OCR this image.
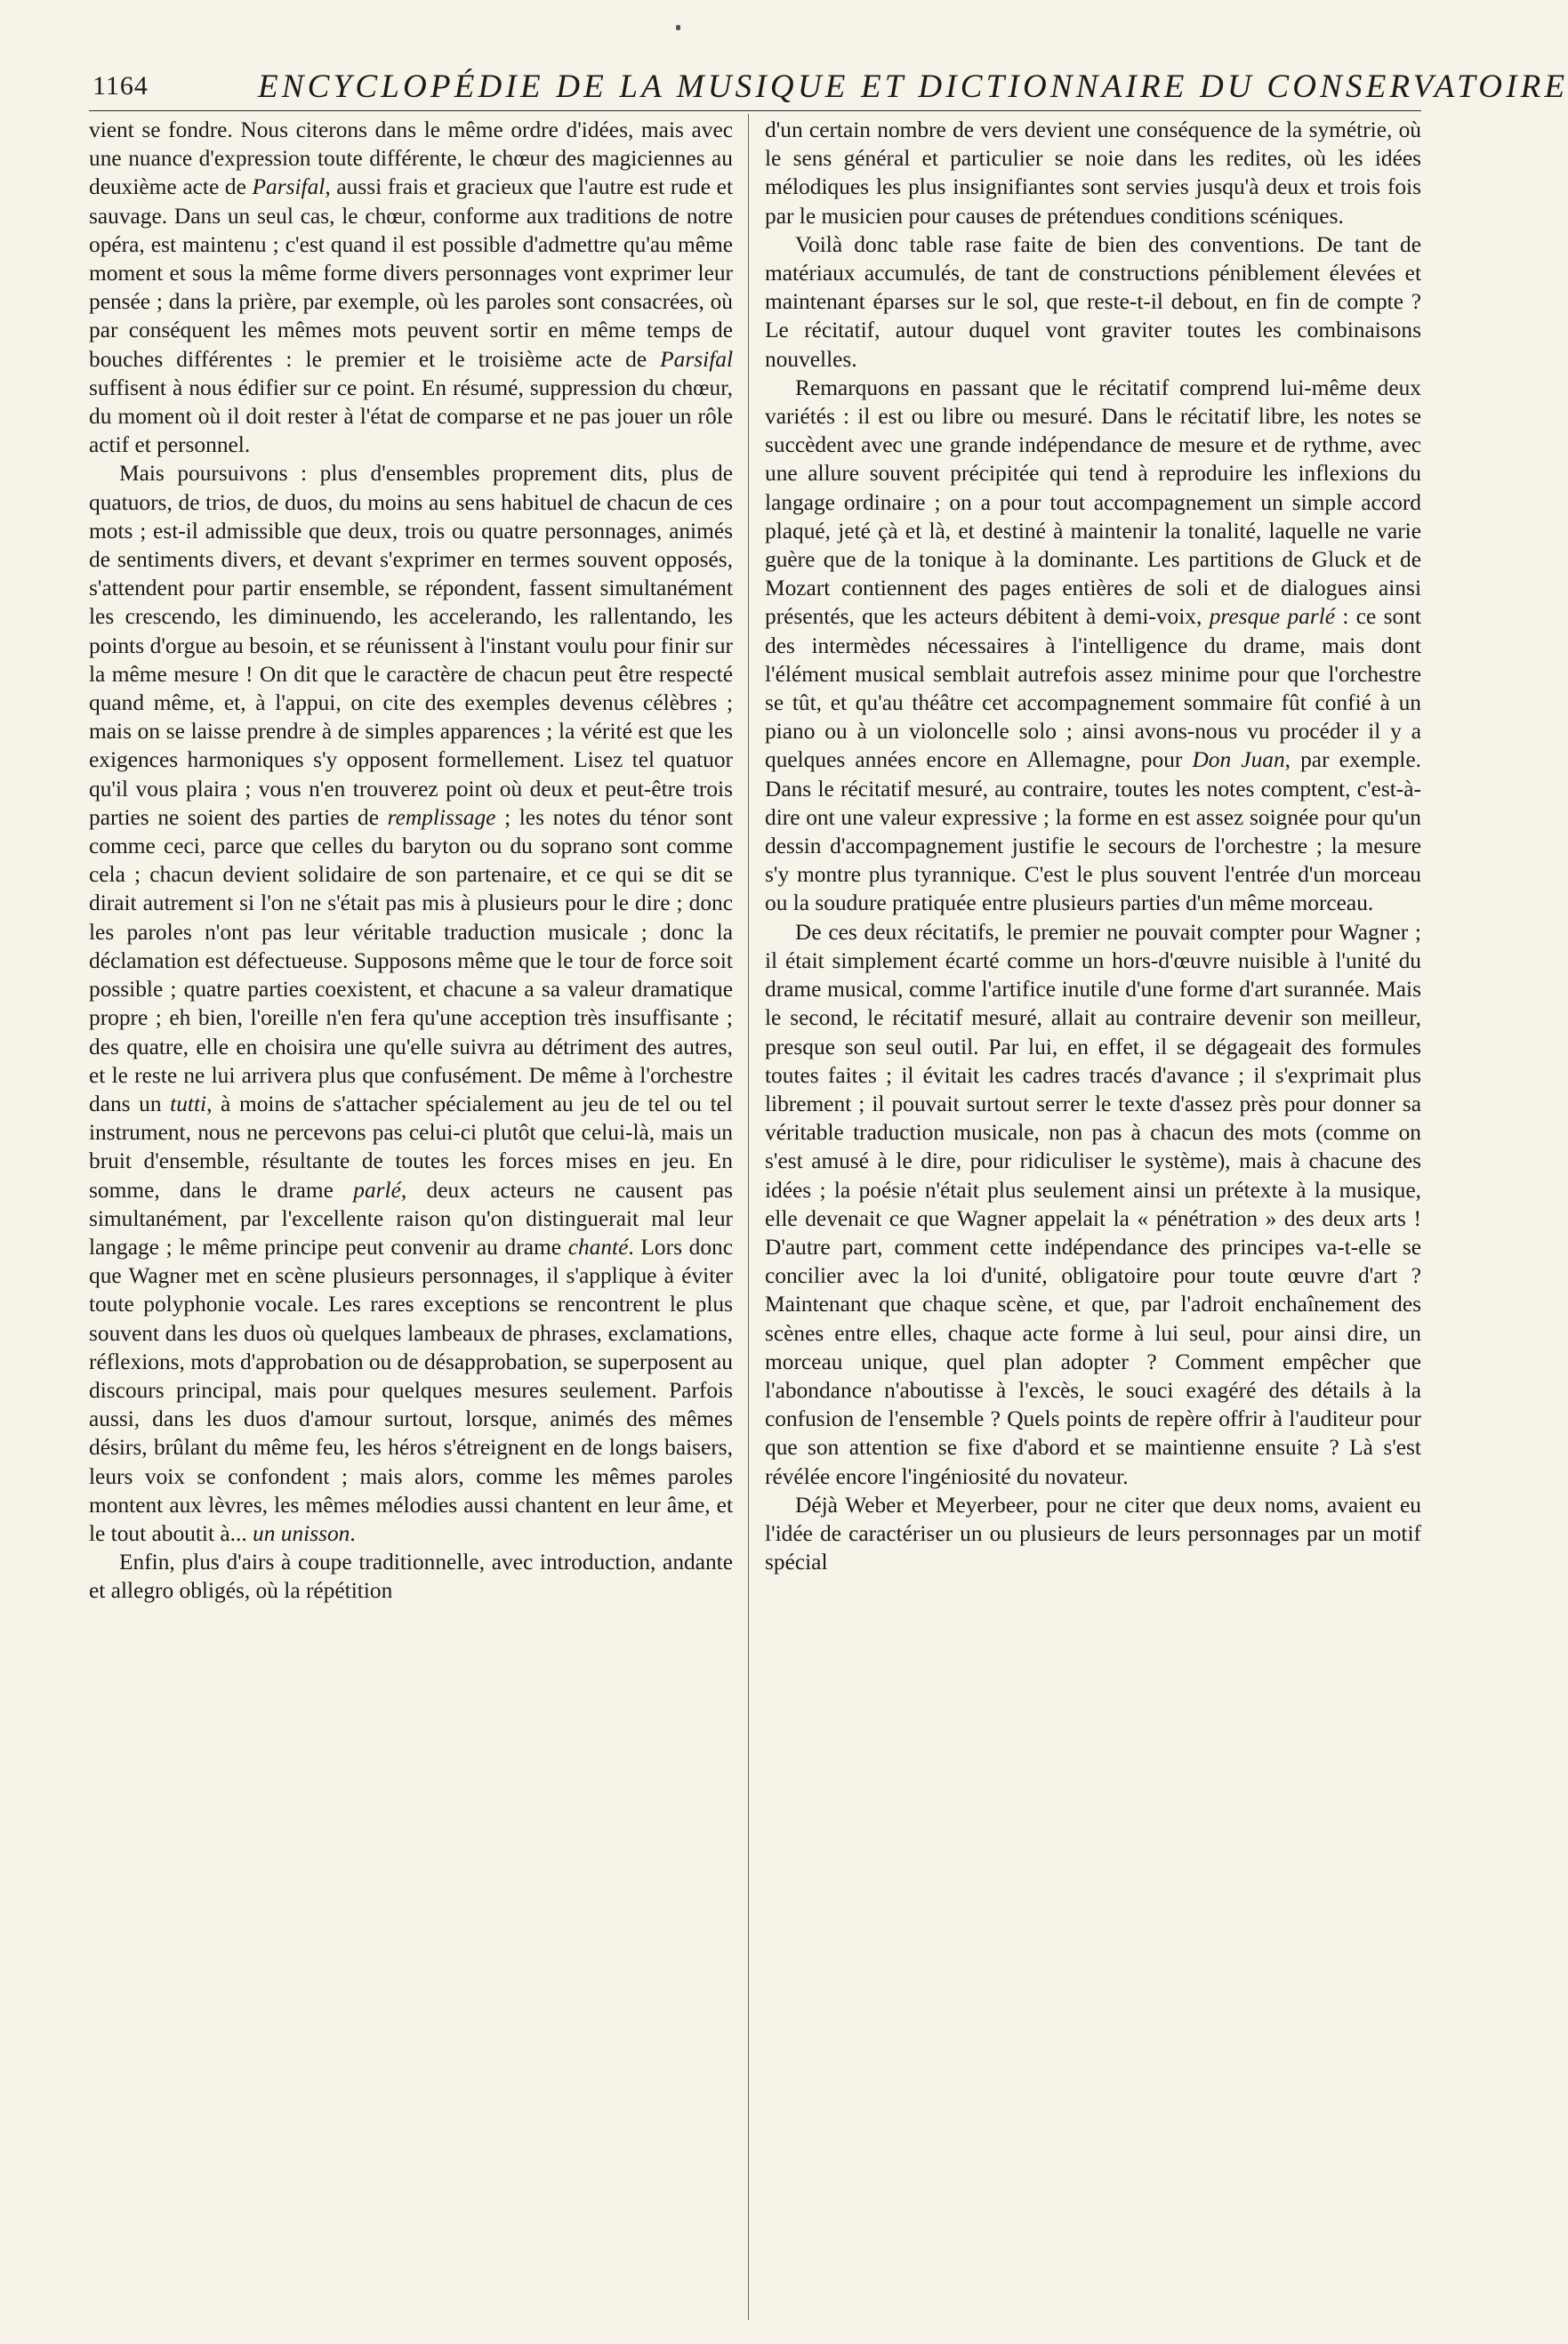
1164	ENCYCLOPÉDIE DE LA MUSIQUE ET DICTIONNAIRE DU CONSERVATOIRE

vient se fondre. Nous citerons dans le même ordre d'idées, mais avec une nuance d'expression toute différente, le chœur des magiciennes au deuxième acte de Parsifal, aussi frais et gracieux que l'autre est rude et sauvage. Dans un seul cas, le chœur, conforme aux traditions de notre opéra, est maintenu ; c'est quand il est possible d'admettre qu'au même moment et sous la même forme divers personnages vont exprimer leur pensée ; dans la prière, par exemple, où les paroles sont consacrées, où par conséquent les mêmes mots peuvent sortir en même temps de bouches différentes : le premier et le troisième acte de Parsifal suffisent à nous édifier sur ce point. En résumé, suppression du chœur, du moment où il doit rester à l'état de comparse et ne pas jouer un rôle actif et personnel.

Mais poursuivons : plus d'ensembles proprement dits, plus de quatuors, de trios, de duos, du moins au sens habituel de chacun de ces mots ; est-il admissible que deux, trois ou quatre personnages, animés de sentiments divers, et devant s'exprimer en termes souvent opposés, s'attendent pour partir ensemble, se répondent, fassent simultanément les crescendo, les diminuendo, les accelerando, les rallentando, les points d'orgue au besoin, et se réunissent à l'instant voulu pour finir sur la même mesure ! On dit que le caractère de chacun peut être respecté quand même, et, à l'appui, on cite des exemples devenus célèbres ; mais on se laisse prendre à de simples apparences ; la vérité est que les exigences harmoniques s'y opposent formellement. Lisez tel quatuor qu'il vous plaira ; vous n'en trouverez point où deux et peut-être trois parties ne soient des parties de remplissage ; les notes du ténor sont comme ceci, parce que celles du baryton ou du soprano sont comme cela ; chacun devient solidaire de son partenaire, et ce qui se dit se dirait autrement si l'on ne s'était pas mis à plusieurs pour le dire ; donc les paroles n'ont pas leur véritable traduction musicale ; donc la déclamation est défectueuse. Supposons même que le tour de force soit possible ; quatre parties coexistent, et chacune a sa valeur dramatique propre ; eh bien, l'oreille n'en fera qu'une acception très insuffisante ; des quatre, elle en choisira une qu'elle suivra au détriment des autres, et le reste ne lui arrivera plus que confusément. De même à l'orchestre dans un tutti, à moins de s'attacher spécialement au jeu de tel ou tel instrument, nous ne percevons pas celui-ci plutôt que celui-là, mais un bruit d'ensemble, résultante de toutes les forces mises en jeu. En somme, dans le drame parlé, deux acteurs ne causent pas simultanément, par l'excellente raison qu'on distinguerait mal leur langage ; le même principe peut convenir au drame chanté. Lors donc que Wagner met en scène plusieurs personnages, il s'applique à éviter toute polyphonie vocale. Les rares exceptions se rencontrent le plus souvent dans les duos où quelques lambeaux de phrases, exclamations, réflexions, mots d'approbation ou de désapprobation, se superposent au discours principal, mais pour quelques mesures seulement. Parfois aussi, dans les duos d'amour surtout, lorsque, animés des mêmes désirs, brûlant du même feu, les héros s'étreignent en de longs baisers, leurs voix se confondent ; mais alors, comme les mêmes paroles montent aux lèvres, les mêmes mélodies aussi chantent en leur âme, et le tout aboutit à... un unisson.

Enfin, plus d'airs à coupe traditionnelle, avec introduction, andante et allegro obligés, où la répétition

d'un certain nombre de vers devient une conséquence de la symétrie, où le sens général et particulier se noie dans les redites, où les idées mélodiques les plus insignifiantes sont servies jusqu'à deux et trois fois par le musicien pour causes de prétendues conditions scéniques.

Voilà donc table rase faite de bien des conventions. De tant de matériaux accumulés, de tant de constructions péniblement élevées et maintenant éparses sur le sol, que reste-t-il debout, en fin de compte ? Le récitatif, autour duquel vont graviter toutes les combinaisons nouvelles.

Remarquons en passant que le récitatif comprend lui-même deux variétés : il est ou libre ou mesuré. Dans le récitatif libre, les notes se succèdent avec une grande indépendance de mesure et de rythme, avec une allure souvent précipitée qui tend à reproduire les inflexions du langage ordinaire ; on a pour tout accompagnement un simple accord plaqué, jeté çà et là, et destiné à maintenir la tonalité, laquelle ne varie guère que de la tonique à la dominante. Les partitions de Gluck et de Mozart contiennent des pages entières de soli et de dialogues ainsi présentés, que les acteurs débitent à demi-voix, presque parlé : ce sont des intermèdes nécessaires à l'intelligence du drame, mais dont l'élément musical semblait autrefois assez minime pour que l'orchestre se tût, et qu'au théâtre cet accompagnement sommaire fût confié à un piano ou à un violoncelle solo ; ainsi avons-nous vu procéder il y a quelques années encore en Allemagne, pour Don Juan, par exemple. Dans le récitatif mesuré, au contraire, toutes les notes comptent, c'est-à-dire ont une valeur expressive ; la forme en est assez soignée pour qu'un dessin d'accompagnement justifie le secours de l'orchestre ; la mesure s'y montre plus tyrannique. C'est le plus souvent l'entrée d'un morceau ou la soudure pratiquée entre plusieurs parties d'un même morceau.

De ces deux récitatifs, le premier ne pouvait compter pour Wagner ; il était simplement écarté comme un hors-d'œuvre nuisible à l'unité du drame musical, comme l'artifice inutile d'une forme d'art surannée. Mais le second, le récitatif mesuré, allait au contraire devenir son meilleur, presque son seul outil. Par lui, en effet, il se dégageait des formules toutes faites ; il évitait les cadres tracés d'avance ; il s'exprimait plus librement ; il pouvait surtout serrer le texte d'assez près pour donner sa véritable traduction musicale, non pas à chacun des mots (comme on s'est amusé à le dire, pour ridiculiser le système), mais à chacune des idées ; la poésie n'était plus seulement ainsi un prétexte à la musique, elle devenait ce que Wagner appelait la « pénétration » des deux arts ! D'autre part, comment cette indépendance des principes va-t-elle se concilier avec la loi d'unité, obligatoire pour toute œuvre d'art ? Maintenant que chaque scène, et que, par l'adroit enchaînement des scènes entre elles, chaque acte forme à lui seul, pour ainsi dire, un morceau unique, quel plan adopter ? Comment empêcher que l'abondance n'aboutisse à l'excès, le souci exagéré des détails à la confusion de l'ensemble ? Quels points de repère offrir à l'auditeur pour que son attention se fixe d'abord et se maintienne ensuite ? Là s'est révélée encore l'ingéniosité du novateur.

Déjà Weber et Meyerbeer, pour ne citer que deux noms, avaient eu l'idée de caractériser un ou plusieurs de leurs personnages par un motif spécial
